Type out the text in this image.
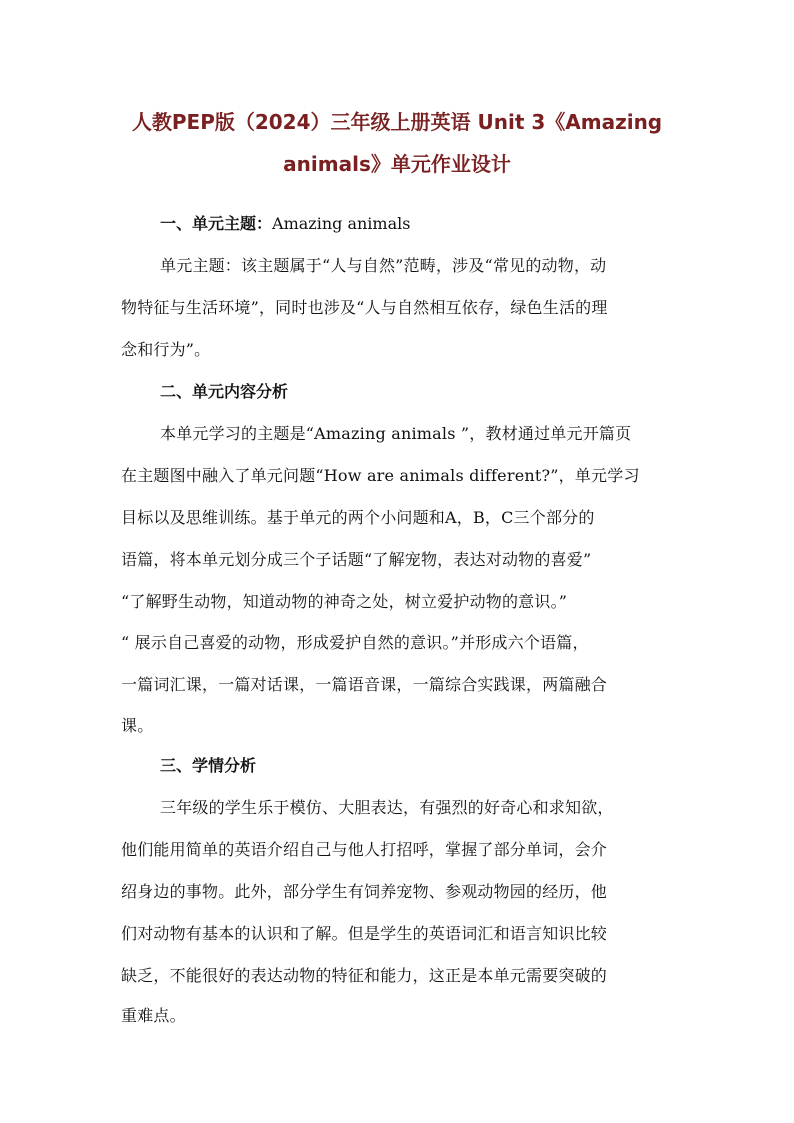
人教PEP版（2024）三年级上册英语 Unit 3《Amazing
animals》单元作业设计
一、单元主题：Amazing animals

单元主题：该主题属于“人与自然”范畴，涉及“常见的动物，动

物特征与生活环境”，同时也涉及“人与自然相互依存，绿色生活的理

念和行为”。

二、单元内容分析

本单元学习的主题是“Amazing animals ”，教材通过单元开篇页

在主题图中融入了单元问题“How are animals different?”，单元学习

目标以及思维训练。基于单元的两个小问题和A，B，C三个部分的

语篇，将本单元划分成三个子话题“了解宠物，表达对动物的喜爱”

“了解野生动物，知道动物的神奇之处，树立爱护动物的意识。”

“ 展示自己喜爱的动物，形成爱护自然的意识。”并形成六个语篇，

一篇词汇课，一篇对话课，一篇语音课，一篇综合实践课，两篇融合

课。

三、学情分析

三年级的学生乐于模仿、大胆表达，有强烈的好奇心和求知欲，

他们能用简单的英语介绍自己与他人打招呼，掌握了部分单词，会介

绍身边的事物。此外，部分学生有饲养宠物、参观动物园的经历，他

们对动物有基本的认识和了解。但是学生的英语词汇和语言知识比较

缺乏，不能很好的表达动物的特征和能力，这正是本单元需要突破的

重难点。
